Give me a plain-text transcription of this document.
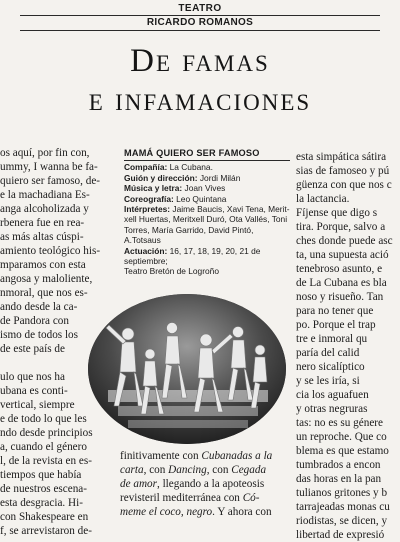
TEATRO
RICARDO ROMANOS
De famas
e infamaciones
os aquí, por fin con,
ummy, I wanna be fa-
quiero ser famoso, de-
e la machadiana Es-
anga alcoholizada y
rbenera fue en rea-
as más altas cúspi-
amiento teológico his-
mparamos con esta
angosa y maloliente,
nmoral, que nos es-
ando desde la ca-
de Pandora con
ismo de todos los
de este país de
ulo que nos ha
ubana es conti-
vertical, siempre
e de todo lo que les
ndo desde principios
a, cuando el género
l, de la revista en es-
tiempos que había
de nuestros escena-
esta desgracia. Hi-
con Shakespeare en
f, se arrevistaron de-
MAMÁ QUIERO SER FAMOSO
Compañía: La Cubana.
Guión y dirección: Jordi Milán
Música y letra: Joan Vives
Coreografía: Leo Quintana
Intérpretes: Jaime Baucis, Xavi Tena, Merit-
xell Huertas, Meritxell Duró, Ota Vallés, Toni
Torres, María Garrido, David Pintó, A.Totsaus
Actuación: 16, 17, 18, 19, 20, 21 de septiembre;
Teatro Bretón de Logroño
esta simpática sátira
sias de famoseo y pú
güenza con que nos c
la lactancia.
Fíjense que digo s
tira. Porque, salvo a
ches donde puede asc
ta, una supuesta ació
tenebroso asunto, e
de La Cubana es bla
noso y risueño. Tan
para no tener que
po. Porque el trap
tre e inmoral qu
paría del calid
nero sicalíptico
y se les iría, si
cia los aguafuen
y otras negruras
tas: no es su génere
un reproche. Que co
blema es que estamo
tumbrados a encon
das horas en la pan
tulianos gritones y b
tarrajeadas monas cu
riodistas, se dicen, y
libertad de expresió
finitivamente con Cubanadas a la
carta, con Dancing, con Cegada
de amor, llegando a la apoteosis
revisteril mediterránea con Có-
meme el coco, negro. Y ahora con
